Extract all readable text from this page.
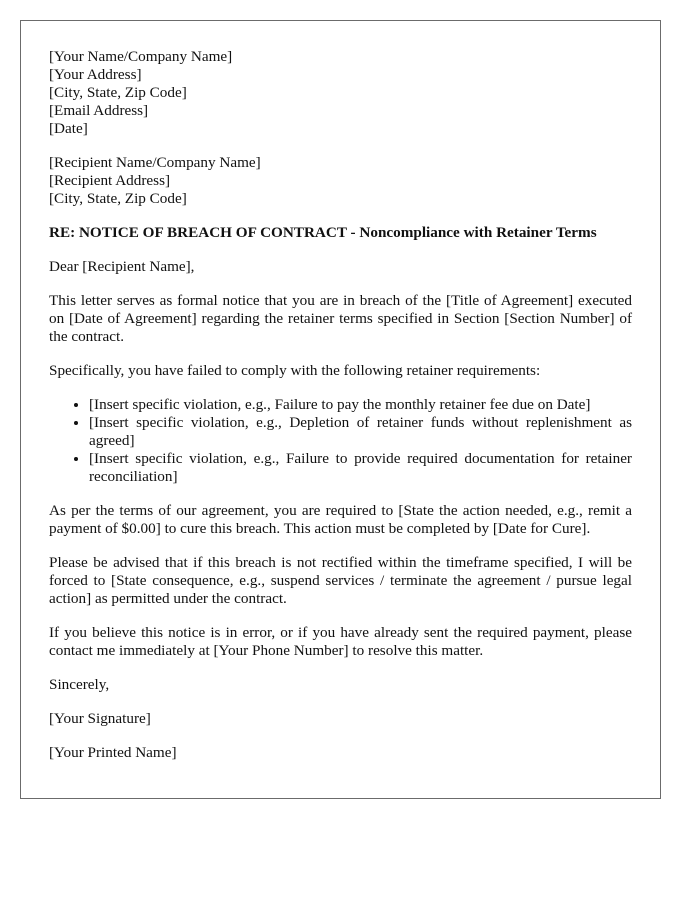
[Your Name/Company Name]
[Your Address]
[City, State, Zip Code]
[Email Address]
[Date]
[Recipient Name/Company Name]
[Recipient Address]
[City, State, Zip Code]
RE: NOTICE OF BREACH OF CONTRACT - Noncompliance with Retainer Terms

Dear [Recipient Name],

This letter serves as formal notice that you are in breach of the [Title of Agreement] executed on [Date of Agreement] regarding the retainer terms specified in Section [Section Number] of the contract.

Specifically, you have failed to comply with the following retainer requirements:

• [Insert specific violation, e.g., Failure to pay the monthly retainer fee due on Date]
• [Insert specific violation, e.g., Depletion of retainer funds without replenishment as agreed]
• [Insert specific violation, e.g., Failure to provide required documentation for retainer reconciliation]

As per the terms of our agreement, you are required to [State the action needed, e.g., remit a payment of $0.00] to cure this breach. This action must be completed by [Date for Cure].

Please be advised that if this breach is not rectified within the timeframe specified, I will be forced to [State consequence, e.g., suspend services / terminate the agreement / pursue legal action] as permitted under the contract.

If you believe this notice is in error, or if you have already sent the required payment, please contact me immediately at [Your Phone Number] to resolve this matter.

Sincerely,

[Your Signature]

[Your Printed Name]
